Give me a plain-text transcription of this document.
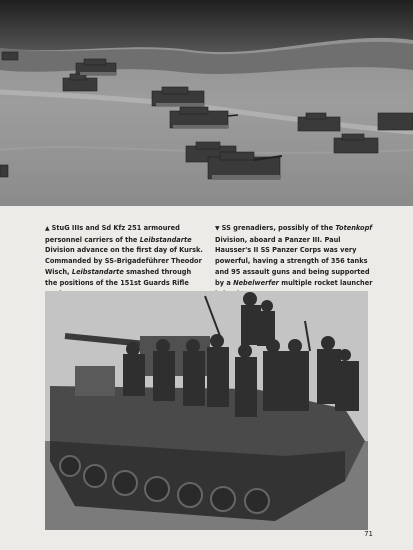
▲ StuG IIIs and Sd Kfz 251 armoured personnel carriers of the Leibstandarte Division advance on the first day of Kursk. Commanded by SS-Brigadeführer Theodor Wisch, Leibstandarte smashed through the positions of the 151st Guards Rifle

▼ SS grenadiers, possibly of the Totenkopf Division, aboard a Panzer III. Paul Hausser's II SS Panzer Corps was very powerful, having a strength of 356 tanks and 95 assault guns and being supported by a Nebelwerfer multiple rocket launcher

71
